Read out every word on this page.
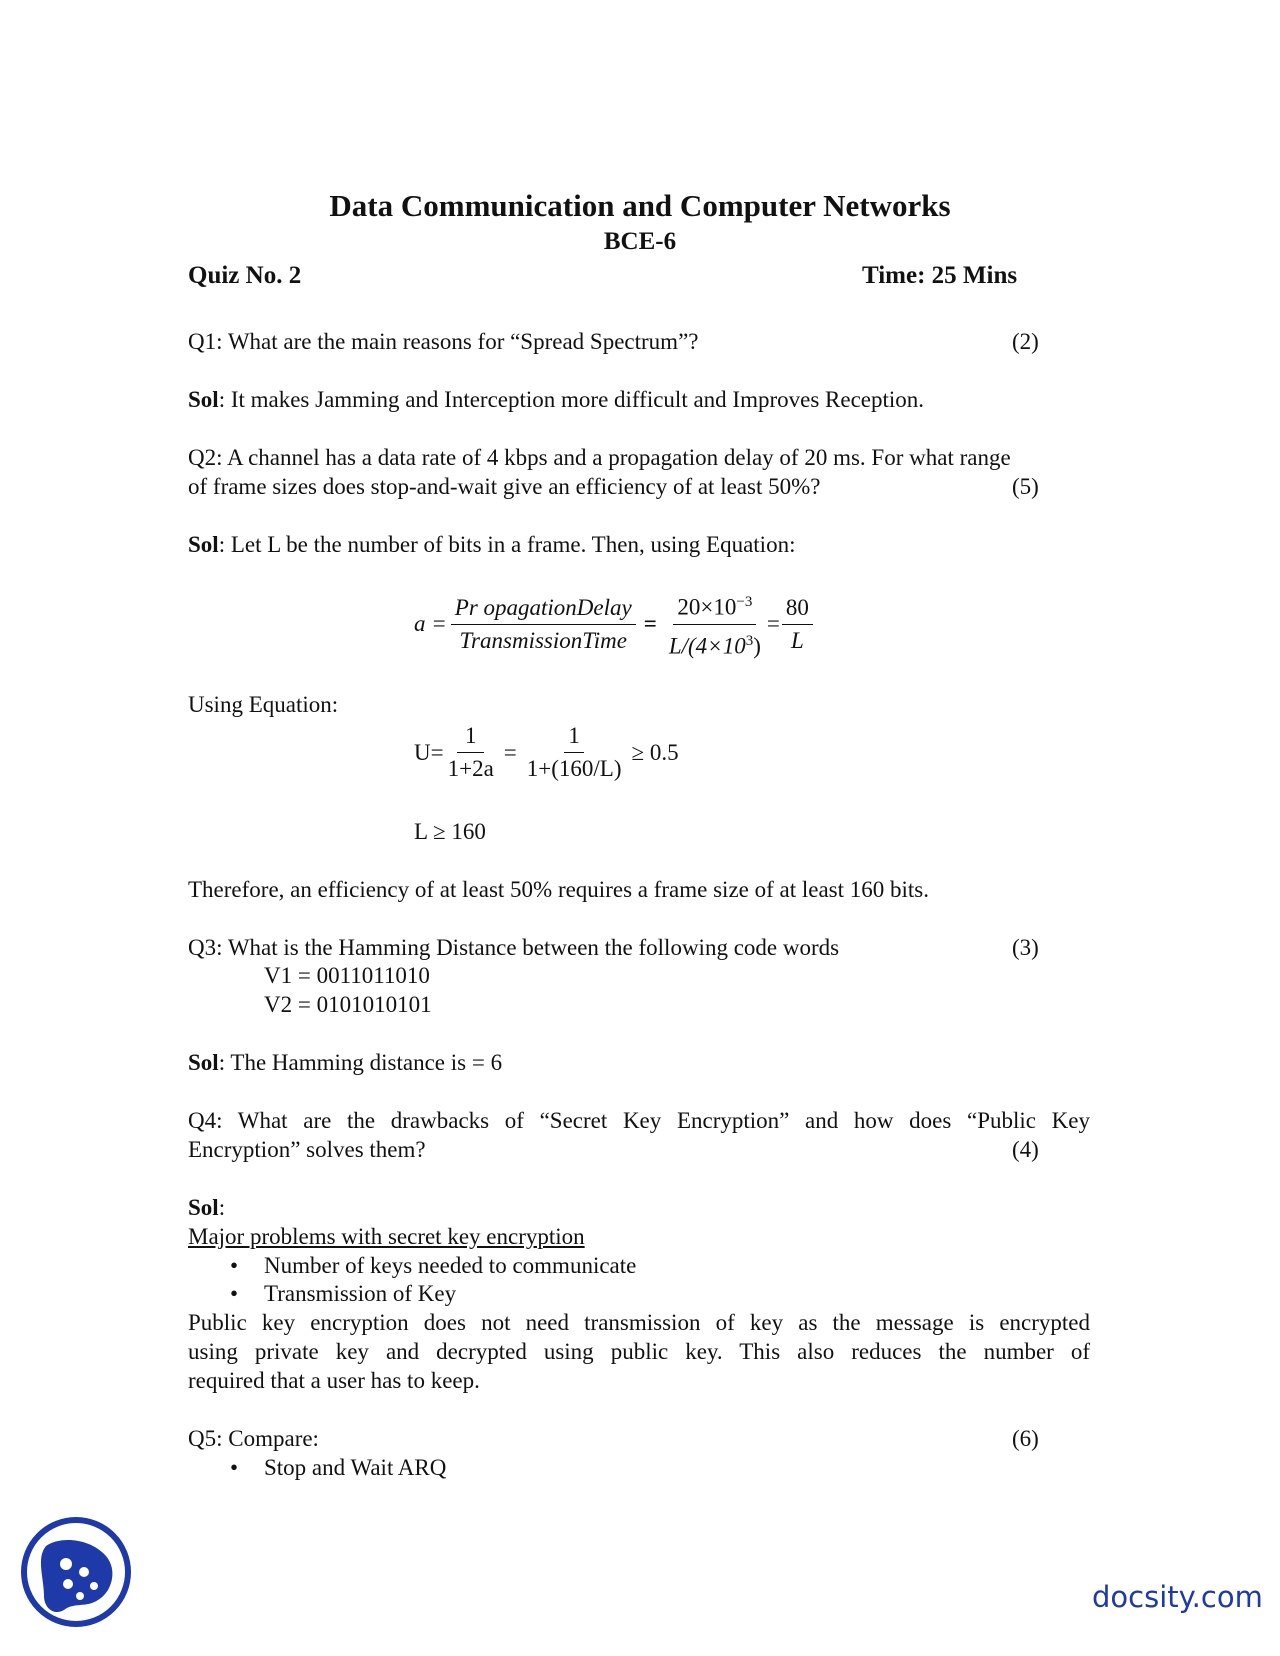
Data Communication and Computer Networks
BCE-6
Quiz No. 2	Time: 25 Mins
Q1: What are the main reasons for “Spread Spectrum”?	(2)
Sol: It makes Jamming and Interception more difficult and Improves Reception.
Q2: A channel has a data rate of 4 kbps and a propagation delay of 20 ms. For what range
of frame sizes does stop-and-wait give an efficiency of at least 50%?	(5)
Sol: Let L be the number of bits in a frame. Then, using Equation:
$a = \frac{\text{Pr opagationDelay}}{\text{TransmissionTime}} = \frac{20\times 10^{-3}}{L/(4\times 10^3)} = \frac{80}{L}$
Using Equation:
$U= \frac{1}{1+2a} = \frac{1}{1+(160/L)} \ge 0.5$
L ≥ 160
Therefore, an efficiency of at least 50% requires a frame size of at least 160 bits.
Q3: What is the Hamming Distance between the following code words	(3)
V1 = 0011011010
V2 = 0101010101
Sol: The Hamming distance is = 6
Q4: What are the drawbacks of “Secret Key Encryption” and how does “Public Key
Encryption” solves them?	(4)
Sol:
Major problems with secret key encryption
• Number of keys needed to communicate
• Transmission of Key
Public key encryption does not need transmission of key as the message is encrypted
using private key and decrypted using public key. This also reduces the number of
required that a user has to keep.
Q5: Compare:	(6)
• Stop and Wait ARQ
docsity.com
